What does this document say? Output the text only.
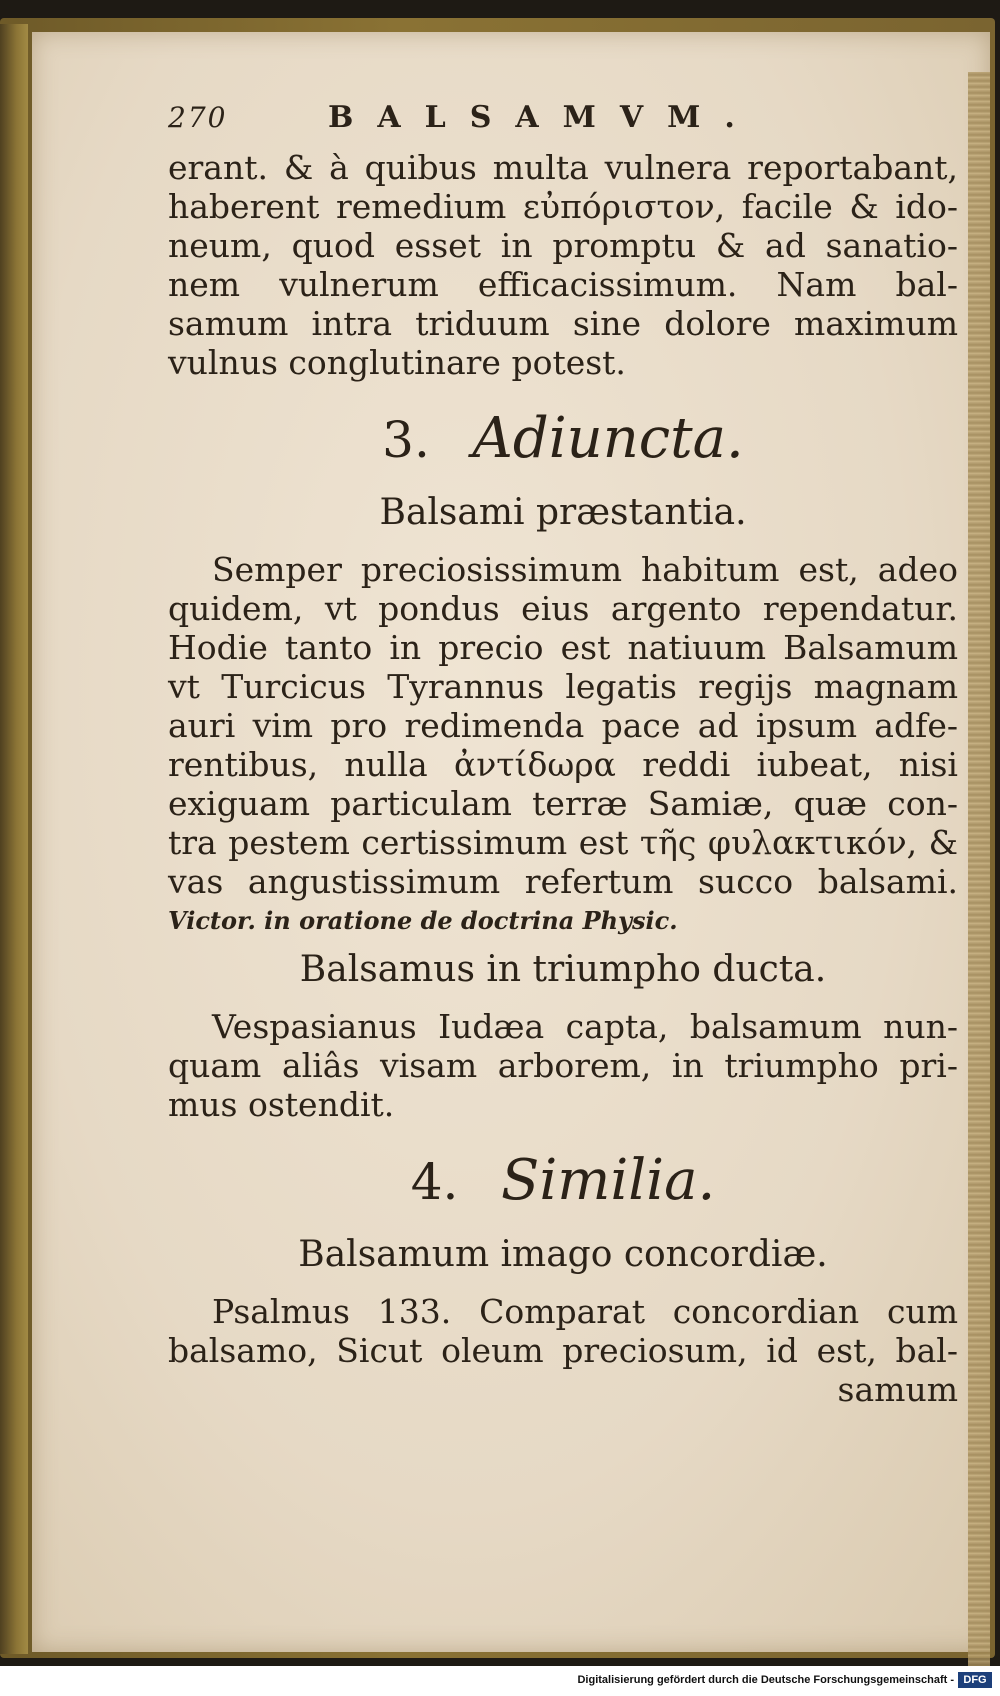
270	BALSAMVM.
erant. & à quibus multa vulnera reportabant,
haberent remedium εὐπόριστον, facile & ido-
neum, quod esset in promptu & ad sanatio-
nem vulnerum efficacissimum. Nam bal-
samum intra triduum sine dolore maximum
vulnus conglutinare potest.
3. Adiuncta.
Balsami præstantia.
Semper preciosissimum habitum est, adeo
quidem, vt pondus eius argento rependatur.
Hodie tanto in precio est natiuum Balsamum
vt Turcicus Tyrannus legatis regijs magnam
auri vim pro redimenda pace ad ipsum adfe-
rentibus, nulla ἀντίδωρα reddi iubeat, nisi
exiguam particulam terræ Samiæ, quæ con-
tra pestem certissimum est τῆς φυλακτικόν, &
vas angustissimum refertum succo balsami.
Victor. in oratione de doctrina Physic.
Balsamus in triumpho ducta.
Vespasianus Iudæa capta, balsamum nun-
quam aliâs visam arborem, in triumpho pri-
mus ostendit.
4. Similia.
Balsamum imago concordiæ.
Psalmus 133. Comparat concordian cum
balsamo, Sicut oleum preciosum, id est, bal-
samum
Digitalisierung gefördert durch die Deutsche Forschungsgemeinschaft - DFG
